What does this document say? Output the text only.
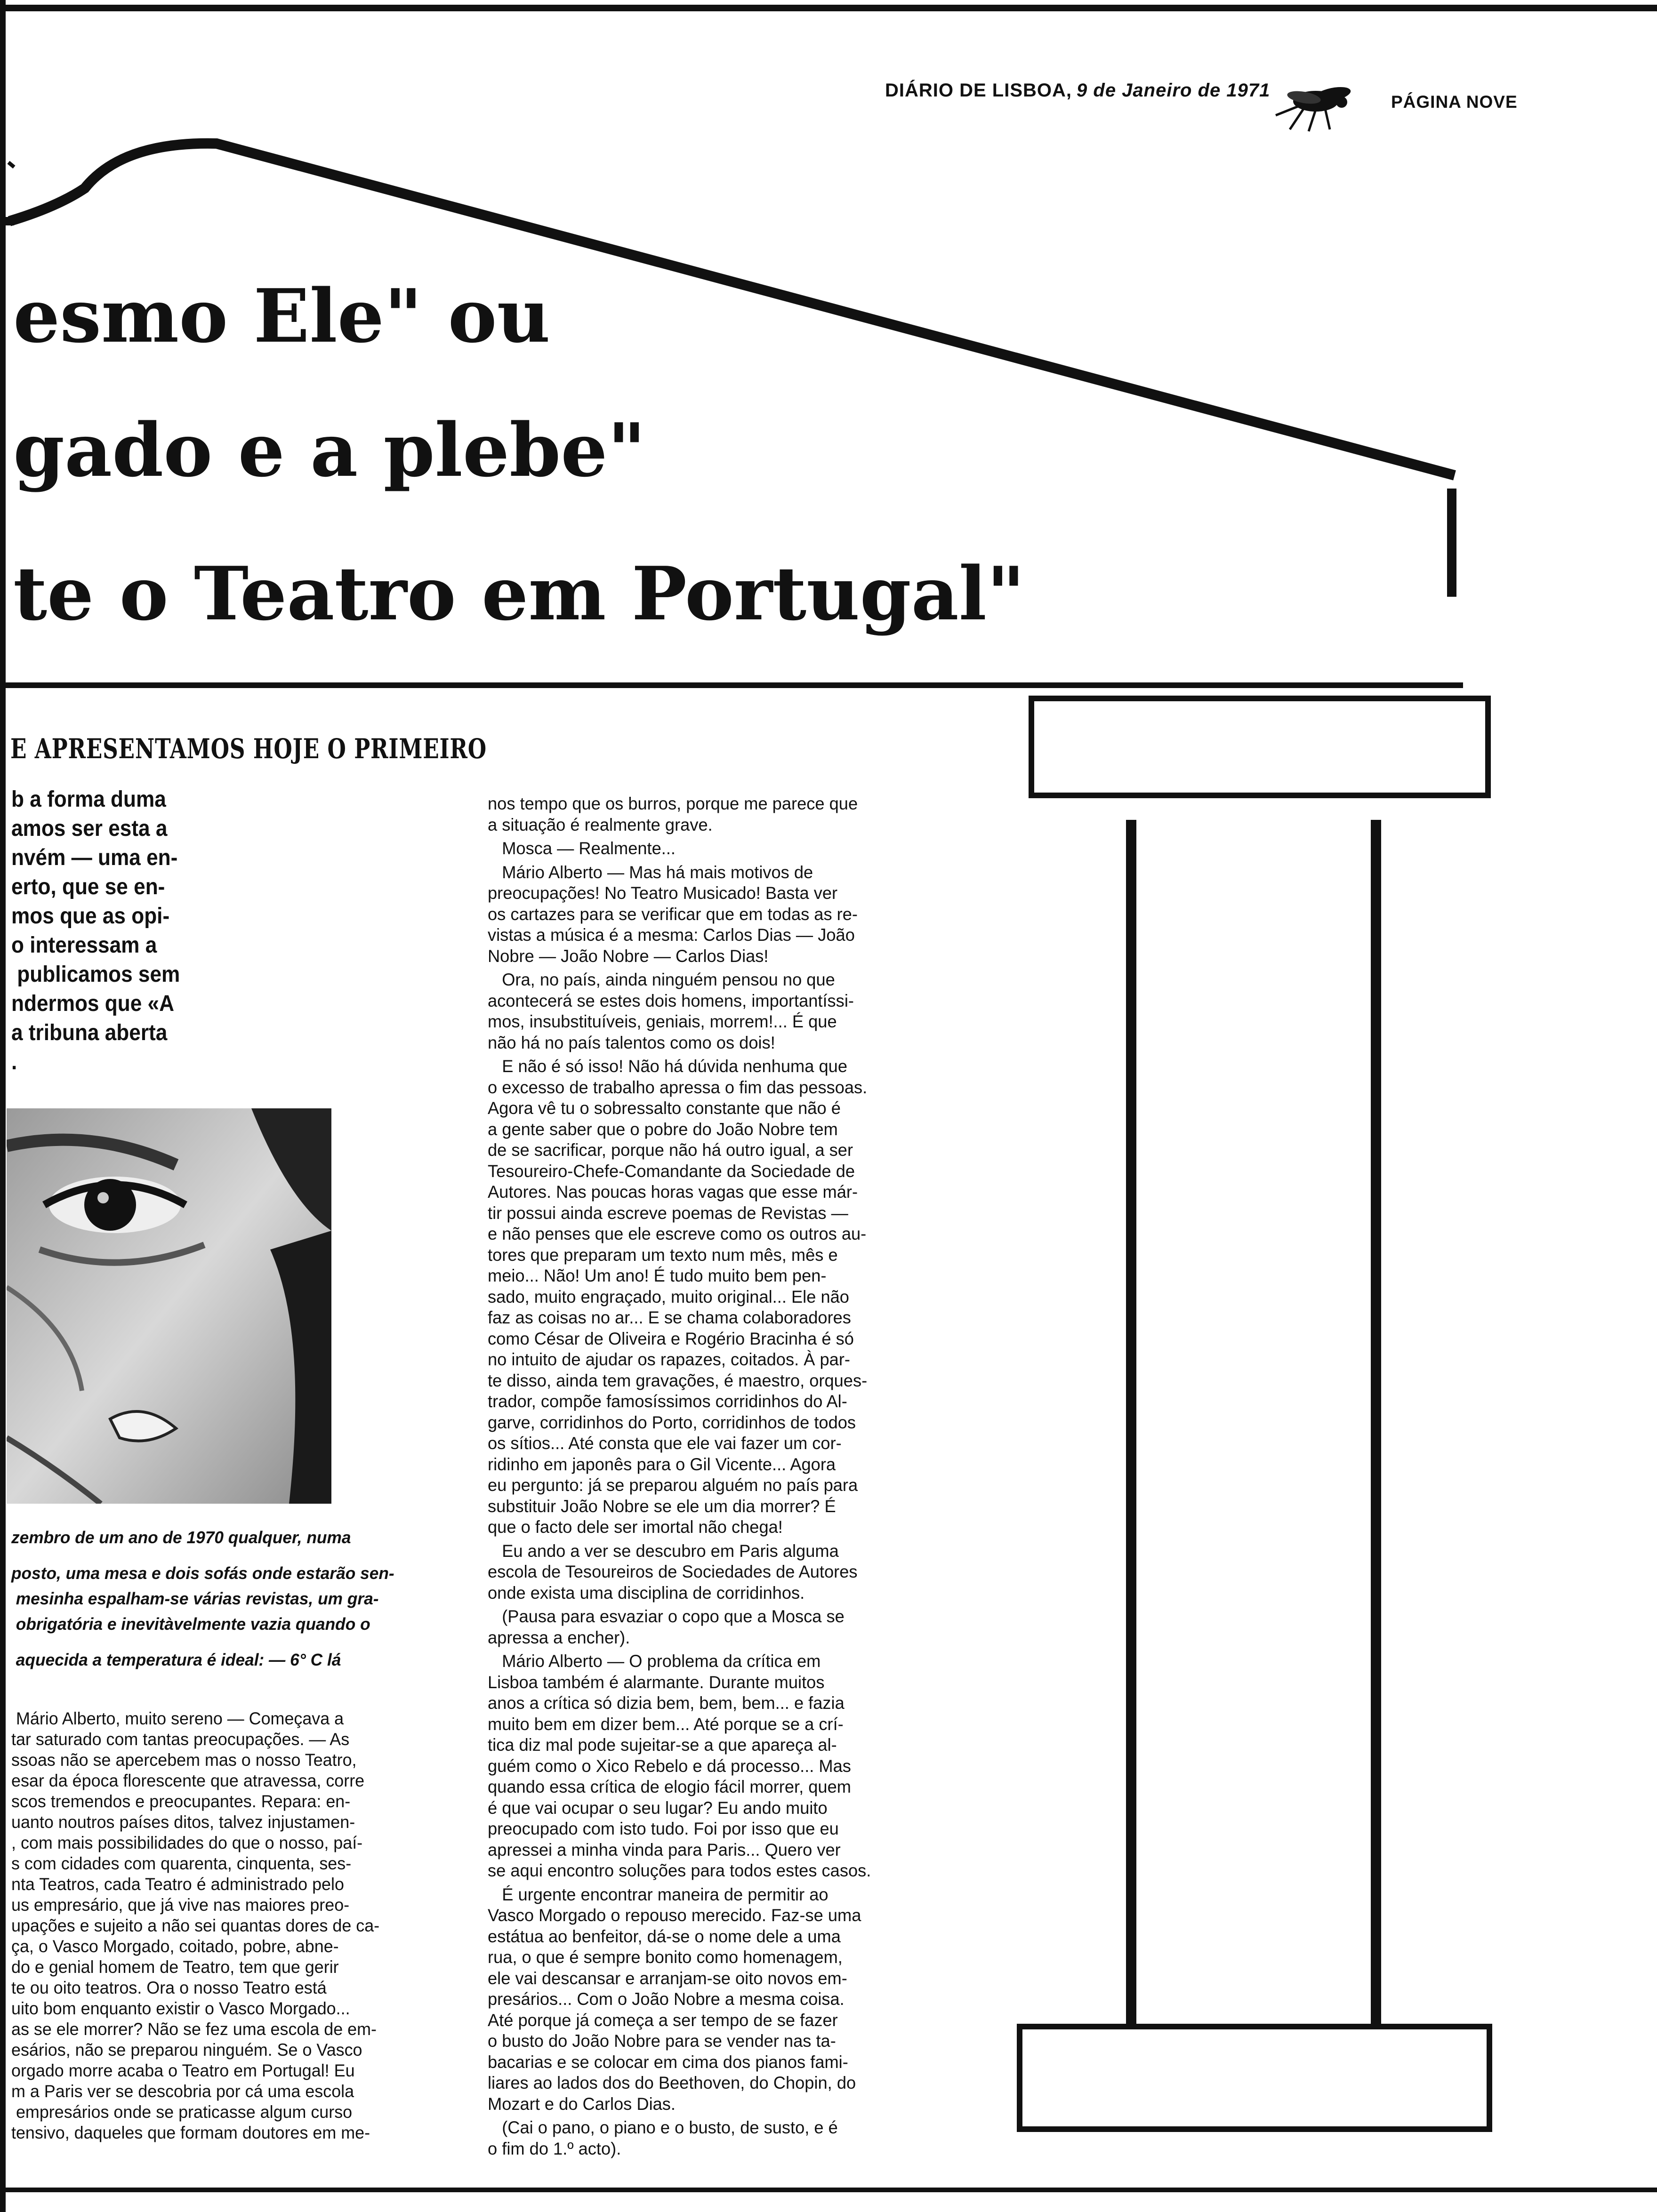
DIÁRIO DE LISBOA, 9 de Janeiro de 1971
PÁGINA NOVE
esmo Ele" ou
gado e a plebe"
te o Teatro em Portugal"
E APRESENTAMOS HOJE O PRIMEIRO
b a forma duma
amos ser esta a
nvém — uma en-
erto, que se en-
mos que as opi-
o interessam a
publicamos sem
ndermos que «A
a tribuna aberta
.

zembro de um ano de 1970 qualquer, numa

posto, uma mesa e dois sofás onde estarão sen-
mesinha espalham-se várias revistas, um gra-
obrigatória e inevitàvelmente vazia quando o

aquecida a temperatura é ideal: — 6° C lá

Mário Alberto, muito sereno — Começava a
tar saturado com tantas preocupações. — As
ssoas não se apercebem mas o nosso Teatro,
esar da época florescente que atravessa, corre
scos tremendos e preocupantes. Repara: en-
uanto noutros países ditos, talvez injustamen-
, com mais possibilidades do que o nosso, paí-
s com cidades com quarenta, cinquenta, ses-
nta Teatros, cada Teatro é administrado pelo
us empresário, que já vive nas maiores preo-
upações e sujeito a não sei quantas dores de ca-
ça, o Vasco Morgado, coitado, pobre, abne-
do e genial homem de Teatro, tem que gerir
te ou oito teatros. Ora o nosso Teatro está
uito bom enquanto existir o Vasco Morgado...
as se ele morrer? Não se fez uma escola de em-
esários, não se preparou ninguém. Se o Vasco
orgado morre acaba o Teatro em Portugal! Eu
m a Paris ver se descobria por cá uma escola
empresários onde se praticasse algum curso
tensivo, daqueles que formam doutores em me-

nos tempo que os burros, porque me parece que
a situação é realmente grave.

Mosca — Realmente...

Mário Alberto — Mas há mais motivos de
preocupações! No Teatro Musicado! Basta ver
os cartazes para se verificar que em todas as re-
vistas a música é a mesma: Carlos Dias — João
Nobre — João Nobre — Carlos Dias!

Ora, no país, ainda ninguém pensou no que
acontecerá se estes dois homens, importantíssi-
mos, insubstituíveis, geniais, morrem!... É que
não há no país talentos como os dois!

E não é só isso! Não há dúvida nenhuma que
o excesso de trabalho apressa o fim das pessoas.
Agora vê tu o sobressalto constante que não é
a gente saber que o pobre do João Nobre tem
de se sacrificar, porque não há outro igual, a ser
Tesoureiro-Chefe-Comandante da Sociedade de
Autores. Nas poucas horas vagas que esse már-
tir possui ainda escreve poemas de Revistas —
e não penses que ele escreve como os outros au-
tores que preparam um texto num mês, mês e
meio... Não! Um ano! É tudo muito bem pen-
sado, muito engraçado, muito original... Ele não
faz as coisas no ar... E se chama colaboradores
como César de Oliveira e Rogério Bracinha é só
no intuito de ajudar os rapazes, coitados. À par-
te disso, ainda tem gravações, é maestro, orques-
trador, compõe famosíssimos corridinhos do Al-
garve, corridinhos do Porto, corridinhos de todos
os sítios... Até consta que ele vai fazer um cor-
ridinho em japonês para o Gil Vicente... Agora
eu pergunto: já se preparou alguém no país para
substituir João Nobre se ele um dia morrer? É
que o facto dele ser imortal não chega!

Eu ando a ver se descubro em Paris alguma
escola de Tesoureiros de Sociedades de Autores
onde exista uma disciplina de corridinhos.

(Pausa para esvaziar o copo que a Mosca se
apressa a encher).

Mário Alberto — O problema da crítica em
Lisboa também é alarmante. Durante muitos
anos a crítica só dizia bem, bem, bem... e fazia
muito bem em dizer bem... Até porque se a crí-
tica diz mal pode sujeitar-se a que apareça al-
guém como o Xico Rebelo e dá processo... Mas
quando essa crítica de elogio fácil morrer, quem
é que vai ocupar o seu lugar? Eu ando muito
preocupado com isto tudo. Foi por isso que eu
apressei a minha vinda para Paris... Quero ver
se aqui encontro soluções para todos estes casos.

É urgente encontrar maneira de permitir ao
Vasco Morgado o repouso merecido. Faz-se uma
estátua ao benfeitor, dá-se o nome dele a uma
rua, o que é sempre bonito como homenagem,
ele vai descansar e arranjam-se oito novos em-
presários... Com o João Nobre a mesma coisa.
Até porque já começa a ser tempo de se fazer
o busto do João Nobre para se vender nas ta-
bacarias e se colocar em cima dos pianos fami-
liares ao lados dos do Beethoven, do Chopin, do
Mozart e do Carlos Dias.

(Cai o pano, o piano e o busto, de susto, e é
o fim do 1.º acto).
